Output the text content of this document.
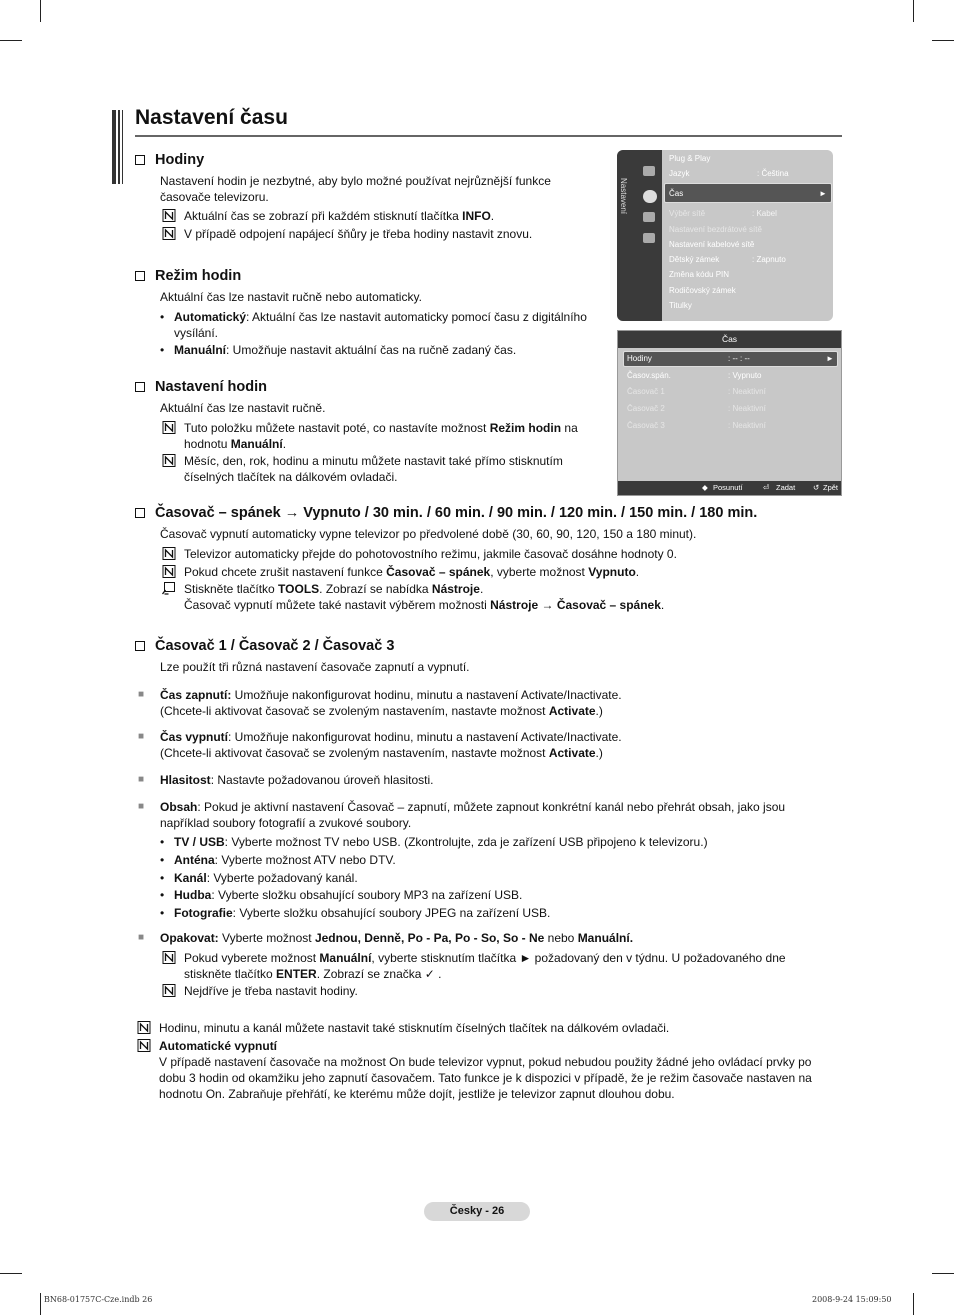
Nastavení času
Hodiny
Nastavení hodin je nezbytné, aby bylo možné používat nejrůznější funkce časovače televizoru.
Aktuální čas se zobrazí při každém stisknutí tlačítka INFO.
V případě odpojení napájecí šňůry je třeba hodiny nastavit znovu.
Režim hodin
Aktuální čas lze nastavit ručně nebo automaticky.
• Automatický: Aktuální čas lze nastavit automaticky pomocí času z digitálního vysílání.
• Manuální: Umožňuje nastavit aktuální čas na ručně zadaný čas.
Nastavení hodin
Aktuální čas lze nastavit ručně.
Tuto položku můžete nastavit poté, co nastavíte možnost Režim hodin na hodnotu Manuální.
Měsíc, den, rok, hodinu a minutu můžete nastavit také přímo stisknutím číselných tlačítek na dálkovém ovladači.
Nastavení
Plug & Play
Jazyk	: Čeština
Čas	►
Výběr sítě	: Kabel
Nastavení bezdrátové sítě
Nastavení kabelové sítě
Dětský zámek	: Zapnuto
Změna kódu PIN
Rodičovský zámek
Titulky
Čas
Hodiny	: -- : --	►
Časov.spán.	: Vypnuto
Časovač 1	: Neaktivní
Časovač 2	: Neaktivní
Časovač 3	: Neaktivní
◆ Posunutí	⏎ Zadat ↺ Zpět
Časovač – spánek → Vypnuto / 30 min. / 60 min. / 90 min. / 120 min. / 150 min. / 180 min.
Časovač vypnutí automaticky vypne televizor po předvolené době (30, 60, 90, 120, 150 a 180 minut).
Televizor automaticky přejde do pohotovostního režimu, jakmile časovač dosáhne hodnoty 0.
Pokud chcete zrušit nastavení funkce Časovač – spánek, vyberte možnost Vypnuto.
Stiskněte tlačítko TOOLS. Zobrazí se nabídka Nástroje.
Časovač vypnutí můžete také nastavit výběrem možnosti Nástroje → Časovač – spánek.
Časovač 1 / Časovač 2 / Časovač 3
Lze použít tři různá nastavení časovače zapnutí a vypnutí.
■	Čas zapnutí: Umožňuje nakonfigurovat hodinu, minutu a nastavení Activate/Inactivate.
(Chcete-li aktivovat časovač se zvoleným nastavením, nastavte možnost Activate.)
■	Čas vypnutí: Umožňuje nakonfigurovat hodinu, minutu a nastavení Activate/Inactivate.
(Chcete-li aktivovat časovač se zvoleným nastavením, nastavte možnost Activate.)
■	Hlasitost: Nastavte požadovanou úroveň hlasitosti.
■	Obsah: Pokud je aktivní nastavení Časovač – zapnutí, můžete zapnout konkrétní kanál nebo přehrát obsah, jako jsou například soubory fotografií a zvukové soubory.
• TV / USB: Vyberte možnost TV nebo USB. (Zkontrolujte, zda je zařízení USB připojeno k televizoru.)
• Anténa: Vyberte možnost ATV nebo DTV.
• Kanál: Vyberte požadovaný kanál.
• Hudba: Vyberte složku obsahující soubory MP3 na zařízení USB.
• Fotografie: Vyberte složku obsahující soubory JPEG na zařízení USB.
■	Opakovat: Vyberte možnost Jednou, Denně, Po - Pa, Po - So, So - Ne nebo Manuální.
Pokud vyberete možnost Manuální, vyberte stisknutím tlačítka ► požadovaný den v týdnu. U požadovaného dne stiskněte tlačítko ENTER. Zobrazí se značka ✓ .
Nejdříve je třeba nastavit hodiny.
Hodinu, minutu a kanál můžete nastavit také stisknutím číselných tlačítek na dálkovém ovladači.
Automatické vypnutí
V případě nastavení časovače na možnost On bude televizor vypnut, pokud nebudou použity žádné jeho ovládací prvky po dobu 3 hodin od okamžiku jeho zapnutí časovačem. Tato funkce je k dispozici v případě, že je režim časovače nastaven na hodnotu On. Zabraňuje přehřátí, ke kterému může dojít, jestliže je televizor zapnut dlouhou dobu.
Česky - 26
BN68-01757C-Cze.indb 26	2008-9-24 15:09:50
